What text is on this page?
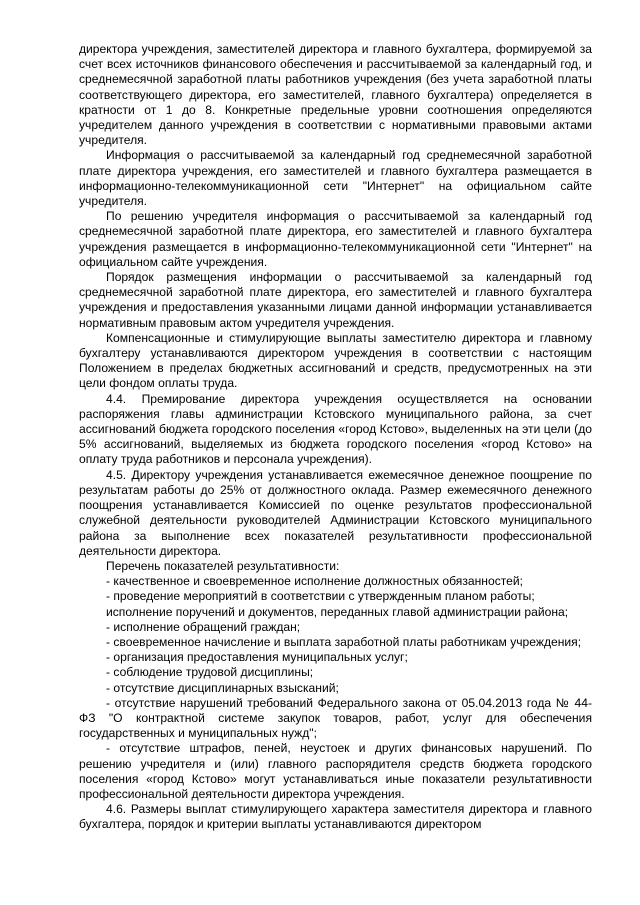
директора учреждения, заместителей директора и главного бухгалтера, формируемой за счет всех источников финансового обеспечения и рассчитываемой за календарный год, и среднемесячной заработной платы работников учреждения (без учета заработной платы соответствующего директора, его заместителей, главного бухгалтера) определяется в кратности от 1 до 8. Конкретные предельные уровни соотношения определяются учредителем данного учреждения в соответствии с нормативными правовыми актами учредителя.

Информация о рассчитываемой за календарный год среднемесячной заработной плате директора учреждения, его заместителей и главного бухгалтера размещается в информационно-телекоммуникационной сети "Интернет" на официальном сайте учредителя.

По решению учредителя информация о рассчитываемой за календарный год среднемесячной заработной плате директора, его заместителей и главного бухгалтера учреждения размещается в информационно-телекоммуникационной сети "Интернет" на официальном сайте учреждения.

Порядок размещения информации о рассчитываемой за календарный год среднемесячной заработной плате директора, его заместителей и главного бухгалтера учреждения и предоставления указанными лицами данной информации устанавливается нормативным правовым актом учредителя учреждения.

Компенсационные и стимулирующие выплаты заместителю директора и главному бухгалтеру устанавливаются директором учреждения в соответствии с настоящим Положением в пределах бюджетных ассигнований и средств, предусмотренных на эти цели фондом оплаты труда.

4.4. Премирование директора учреждения осуществляется на основании распоряжения главы администрации Кстовского муниципального района, за счет ассигнований бюджета городского поселения «город Кстово», выделенных на эти цели (до 5% ассигнований, выделяемых из бюджета городского поселения «город Кстово» на оплату труда работников и персонала учреждения).

4.5. Директору учреждения устанавливается ежемесячное денежное поощрение по результатам работы до 25% от должностного оклада. Размер ежемесячного денежного поощрения устанавливается Комиссией по оценке результатов профессиональной служебной деятельности руководителей Администрации Кстовского муниципального района за выполнение всех показателей результативности профессиональной деятельности директора.

Перечень показателей результативности:

- качественное и своевременное исполнение должностных обязанностей;

- проведение мероприятий в соответствии с утвержденным планом работы;

исполнение поручений и документов, переданных главой администрации района;

- исполнение обращений граждан;

- своевременное начисление и выплата заработной платы работникам учреждения;

- организация предоставления муниципальных услуг;

- соблюдение трудовой дисциплины;

- отсутствие дисциплинарных взысканий;

- отсутствие нарушений требований Федерального закона от 05.04.2013 года № 44-ФЗ "О контрактной системе закупок товаров, работ, услуг для обеспечения государственных и муниципальных нужд";

- отсутствие штрафов, пеней, неустоек и других финансовых нарушений. По решению учредителя и (или) главного распорядителя средств бюджета городского поселения «город Кстово» могут устанавливаться иные показатели результативности профессиональной деятельности директора учреждения.

4.6. Размеры выплат стимулирующего характера заместителя директора и главного бухгалтера, порядок и критерии выплаты устанавливаются директором
